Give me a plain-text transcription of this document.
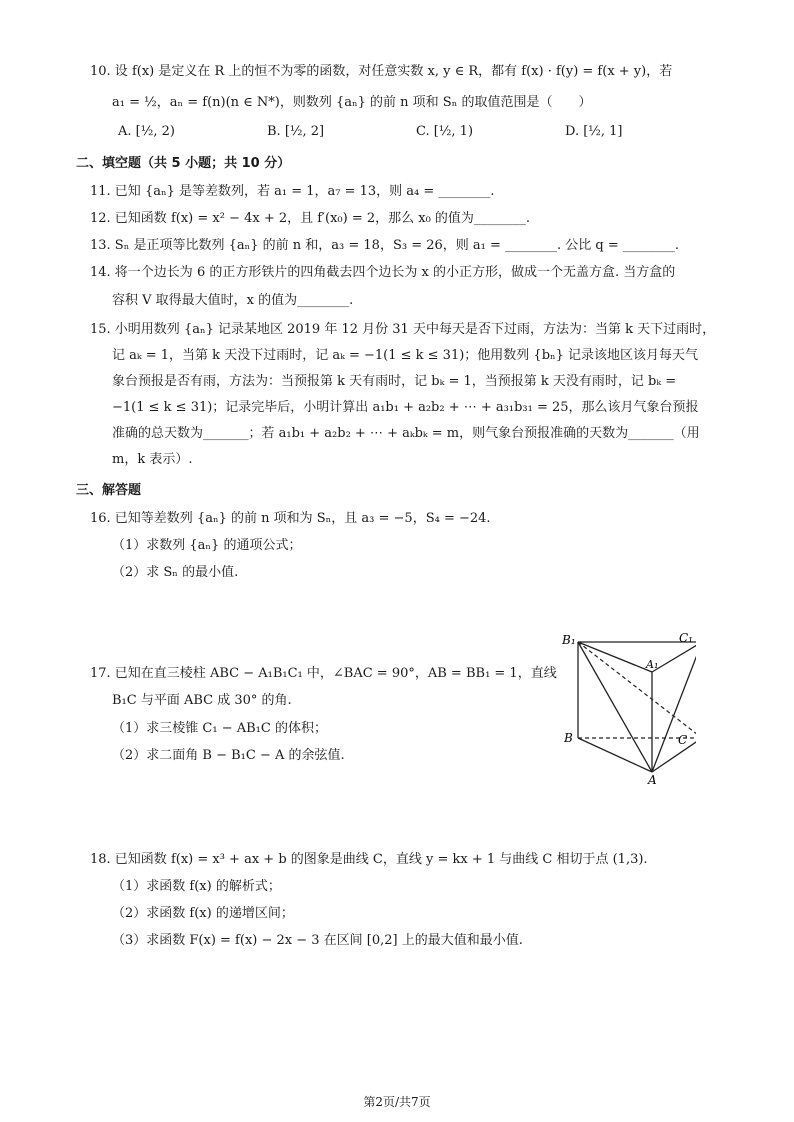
10. 设 f(x) 是定义在 R 上的恒不为零的函数，对任意实数 x, y ∈ R，都有 f(x) · f(y) = f(x + y)，若
a₁ = ½，aₙ = f(n)(n ∈ N*)，则数列 {aₙ} 的前 n 项和 Sₙ 的取值范围是（　　）
A. [½, 2)	B. [½, 2]	C. [½, 1)	D. [½, 1]
二、填空题（共 5 小题；共 10 分）
11. 已知 {aₙ} 是等差数列，若 a₁ = 1，a₇ = 13，则 a₄ = ________.
12. 已知函数 f(x) = x² − 4x + 2，且 f′(x₀) = 2，那么 x₀ 的值为________.
13. Sₙ 是正项等比数列 {aₙ} 的前 n 和，a₃ = 18，S₃ = 26，则 a₁ = ________. 公比 q = ________.
14. 将一个边长为 6 的正方形铁片的四角截去四个边长为 x 的小正方形，做成一个无盖方盒. 当方盒的
容积 V 取得最大值时，x 的值为________.
15. 小明用数列 {aₙ} 记录某地区 2019 年 12 月份 31 天中每天是否下过雨，方法为：当第 k 天下过雨时，
记 aₖ = 1，当第 k 天没下过雨时，记 aₖ = −1(1 ≤ k ≤ 31)；他用数列 {bₙ} 记录该地区该月每天气
象台预报是否有雨，方法为：当预报第 k 天有雨时，记 bₖ = 1，当预报第 k 天没有雨时，记 bₖ =
−1(1 ≤ k ≤ 31)；记录完毕后，小明计算出 a₁b₁ + a₂b₂ + ⋯ + a₃₁b₃₁ = 25，那么该月气象台预报
准确的总天数为_______；若 a₁b₁ + a₂b₂ + ⋯ + aₖbₖ = m，则气象台预报准确的天数为_______（用
m，k 表示）.
三、解答题
16. 已知等差数列 {aₙ} 的前 n 项和为 Sₙ，且 a₃ = −5，S₄ = −24.
（1）求数列 {aₙ} 的通项公式；
（2）求 Sₙ 的最小值.
17. 已知在直三棱柱 ABC − A₁B₁C₁ 中，∠BAC = 90°，AB = BB₁ = 1，直线
B₁C 与平面 ABC 成 30° 的角.
（1）求三棱锥 C₁ − AB₁C 的体积；
（2）求二面角 B − B₁C − A 的余弦值.
B₁	C₁
A₁
B	C
A
18. 已知函数 f(x) = x³ + ax + b 的图象是曲线 C，直线 y = kx + 1 与曲线 C 相切于点 (1,3).
（1）求函数 f(x) 的解析式；
（2）求函数 f(x) 的递增区间；
（3）求函数 F(x) = f(x) − 2x − 3 在区间 [0,2] 上的最大值和最小值.
第2页/共7页
